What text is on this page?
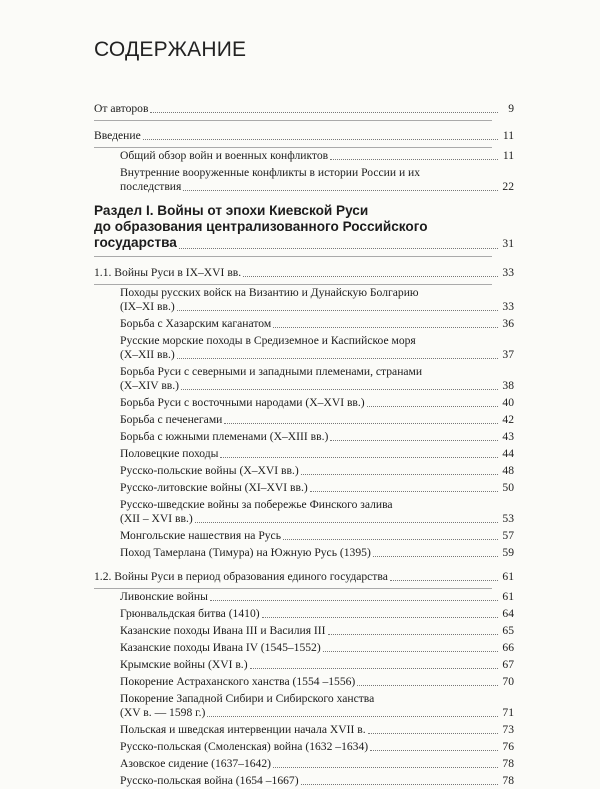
СОДЕРЖАНИЕ
От авторов	9
Введение	11
Общий обзор войн и военных конфликтов	11
Внутренние вооруженные конфликты в истории России и их
последствия	22
Раздел I. Войны от эпохи Киевской Руси
до образования централизованного Российского
государства	31
1.1. Войны Руси в IX–XVI вв.	33
Походы русских войск на Византию и Дунайскую Болгарию
(IX–XI вв.)	33
Борьба с Хазарским каганатом	36
Русские морские походы в Средиземное и Каспийское моря
(X–XII вв.)	37
Борьба Руси с северными и западными племенами, странами
(X–XIV вв.)	38
Борьба Руси с восточными народами (X–XVI вв.)	40
Борьба с печенегами	42
Борьба с южными племенами (X–XIII вв.)	43
Половецкие походы	44
Русско-польские войны (X–XVI вв.)	48
Русско-литовские войны (XI–XVI вв.)	50
Русско-шведские войны за побережье Финского залива
(XII – XVI вв.)	53
Монгольские нашествия на Русь	57
Поход Тамерлана (Тимура) на Южную Русь (1395)	59
1.2. Войны Руси в период образования единого государства	61
Ливонские войны	61
Грюнвальдская битва (1410)	64
Казанские походы Ивана III и Василия III	65
Казанские походы Ивана IV (1545–1552)	66
Крымские войны (XVI в.)	67
Покорение Астраханского ханства (1554 –1556)	70
Покорение Западной Сибири и Сибирского ханства
(XV в. — 1598 г.)	71
Польская и шведская интервенции начала XVII в.	73
Русско-польская (Смоленская) война (1632 –1634)	76
Азовское сидение (1637–1642)	78
Русско-польская война (1654 –1667)	78
